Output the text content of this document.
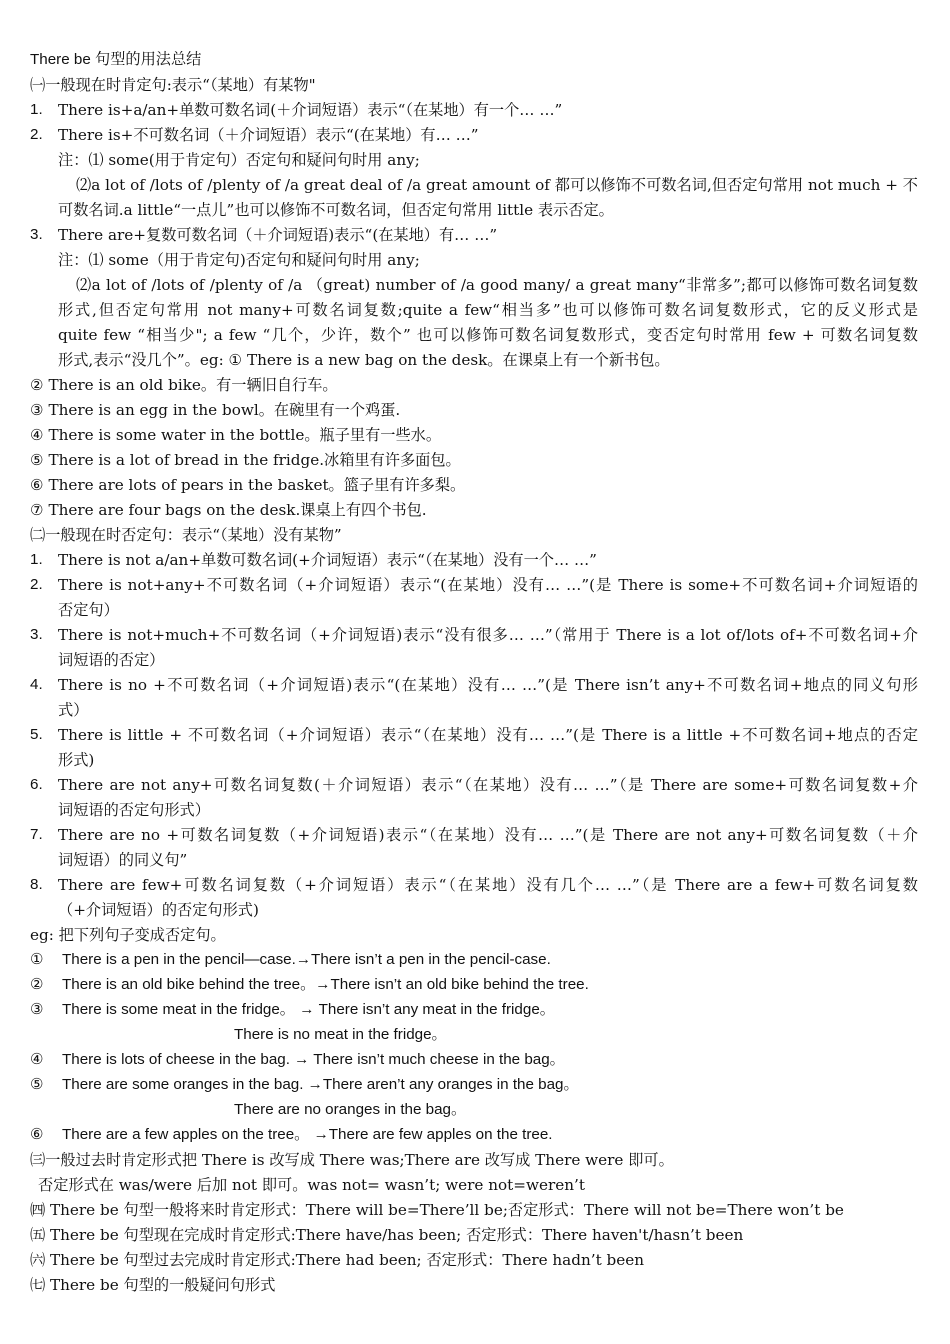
There be 句型的用法总结
㈠一般现在时肯定句:表示“（某地）有某物"
1. There is+a/an+单数可数名词(＋介词短语）表示“（在某地）有一个… …”
2. There is+不可数名词（＋介词短语）表示“(在某地）有… …”
注：⑴ some(用于肯定句）否定句和疑问句时用 any;
⑵a lot of /lots of /plenty of /a great deal of /a great amount of 都可以修饰不可数名词,但否定句常用 not much + 不
可数名词.a little“一点儿”也可以修饰不可数名词，但否定句常用 little 表示否定。
3. There are+复数可数名词（＋介词短语)表示“(在某地）有… …”
注：⑴ some（用于肯定句)否定句和疑问句时用 any;
⑵a lot of /lots of /plenty of /a （great) number of /a good many/ a great many“非常多”;都可以修饰可数名词复数
形式,但否定句常用 not many+可数名词复数;quite a few“相当多”也可以修饰可数名词复数形式，它的反义形式是
quite few “相当少"; a few “几个，少许，数个” 也可以修饰可数名词复数形式，变否定句时常用 few + 可数名词复数
形式,表示“没几个”。eg: ① There is a new bag on the desk。在课桌上有一个新书包。
② There is an old bike。有一辆旧自行车。
③ There is an egg in the bowl。在碗里有一个鸡蛋.
④ There is some water in the bottle。瓶子里有一些水。
⑤ There is a lot of bread in the fridge.冰箱里有许多面包。
⑥ There are lots of pears in the basket。篮子里有许多梨。
⑦ There are four bags on the desk.课桌上有四个书包.
㈡一般现在时否定句：表示“（某地）没有某物”
1. There is not a/an+单数可数名词(+介词短语）表示“（在某地）没有一个… …”
2. There is not+any+不可数名词（+介词短语）表示“(在某地）没有… …”(是 There is some+不可数名词+介词短语的
否定句）
3. There is not+much+不可数名词（+介词短语)表示“没有很多… …”（常用于 There is a lot of/lots of+不可数名词+介
词短语的否定）
4. There is no +不可数名词（+介词短语)表示“(在某地）没有… …”(是 There isn’t any+不可数名词+地点的同义句形
式）
5. There is little + 不可数名词（+介词短语）表示“（在某地）没有… …”(是 There is a little +不可数名词+地点的否定
形式)
6. There are not any+可数名词复数(＋介词短语）表示“（在某地）没有… …”（是 There are some+可数名词复数+介
词短语的否定句形式）
7. There are no +可数名词复数（+介词短语)表示“（在某地）没有… …”(是 There are not any+可数名词复数（＋介
词短语）的同义句”
8. There are few+可数名词复数（+介词短语）表示“（在某地）没有几个… …”（是 There are a few+可数名词复数
（+介词短语）的否定句形式)
eg: 把下列句子变成否定句。
① There is a pen in the pencil—case.→There isn’t a pen in the pencil-case.
② There is an old bike behind the tree。→There isn’t an old bike behind the tree.
③ There is some meat in the fridge。 → There isn’t any meat in the fridge。
There is no meat in the fridge。
④ There is lots of cheese in the bag. → There isn’t much cheese in the bag。
⑤ There are some oranges in the bag. →There aren’t any oranges in the bag。
There are no oranges in the bag。
⑥ There are a few apples on the tree。 →There are few apples on the tree.
㈢一般过去时肯定形式把 There is 改写成 There was;There are 改写成 There were 即可。
否定形式在 was/were 后加 not 即可。was not= wasn’t; were not=weren’t
㈣ There be 句型一般将来时肯定形式：There will be=There’ll be;否定形式：There will not be=There won’t be
㈤ There be 句型现在完成时肯定形式:There have/has been; 否定形式：There haven't/hasn’t been
㈥ There be 句型过去完成时肯定形式:There had been; 否定形式：There hadn’t been
㈦ There be 句型的一般疑问句形式
